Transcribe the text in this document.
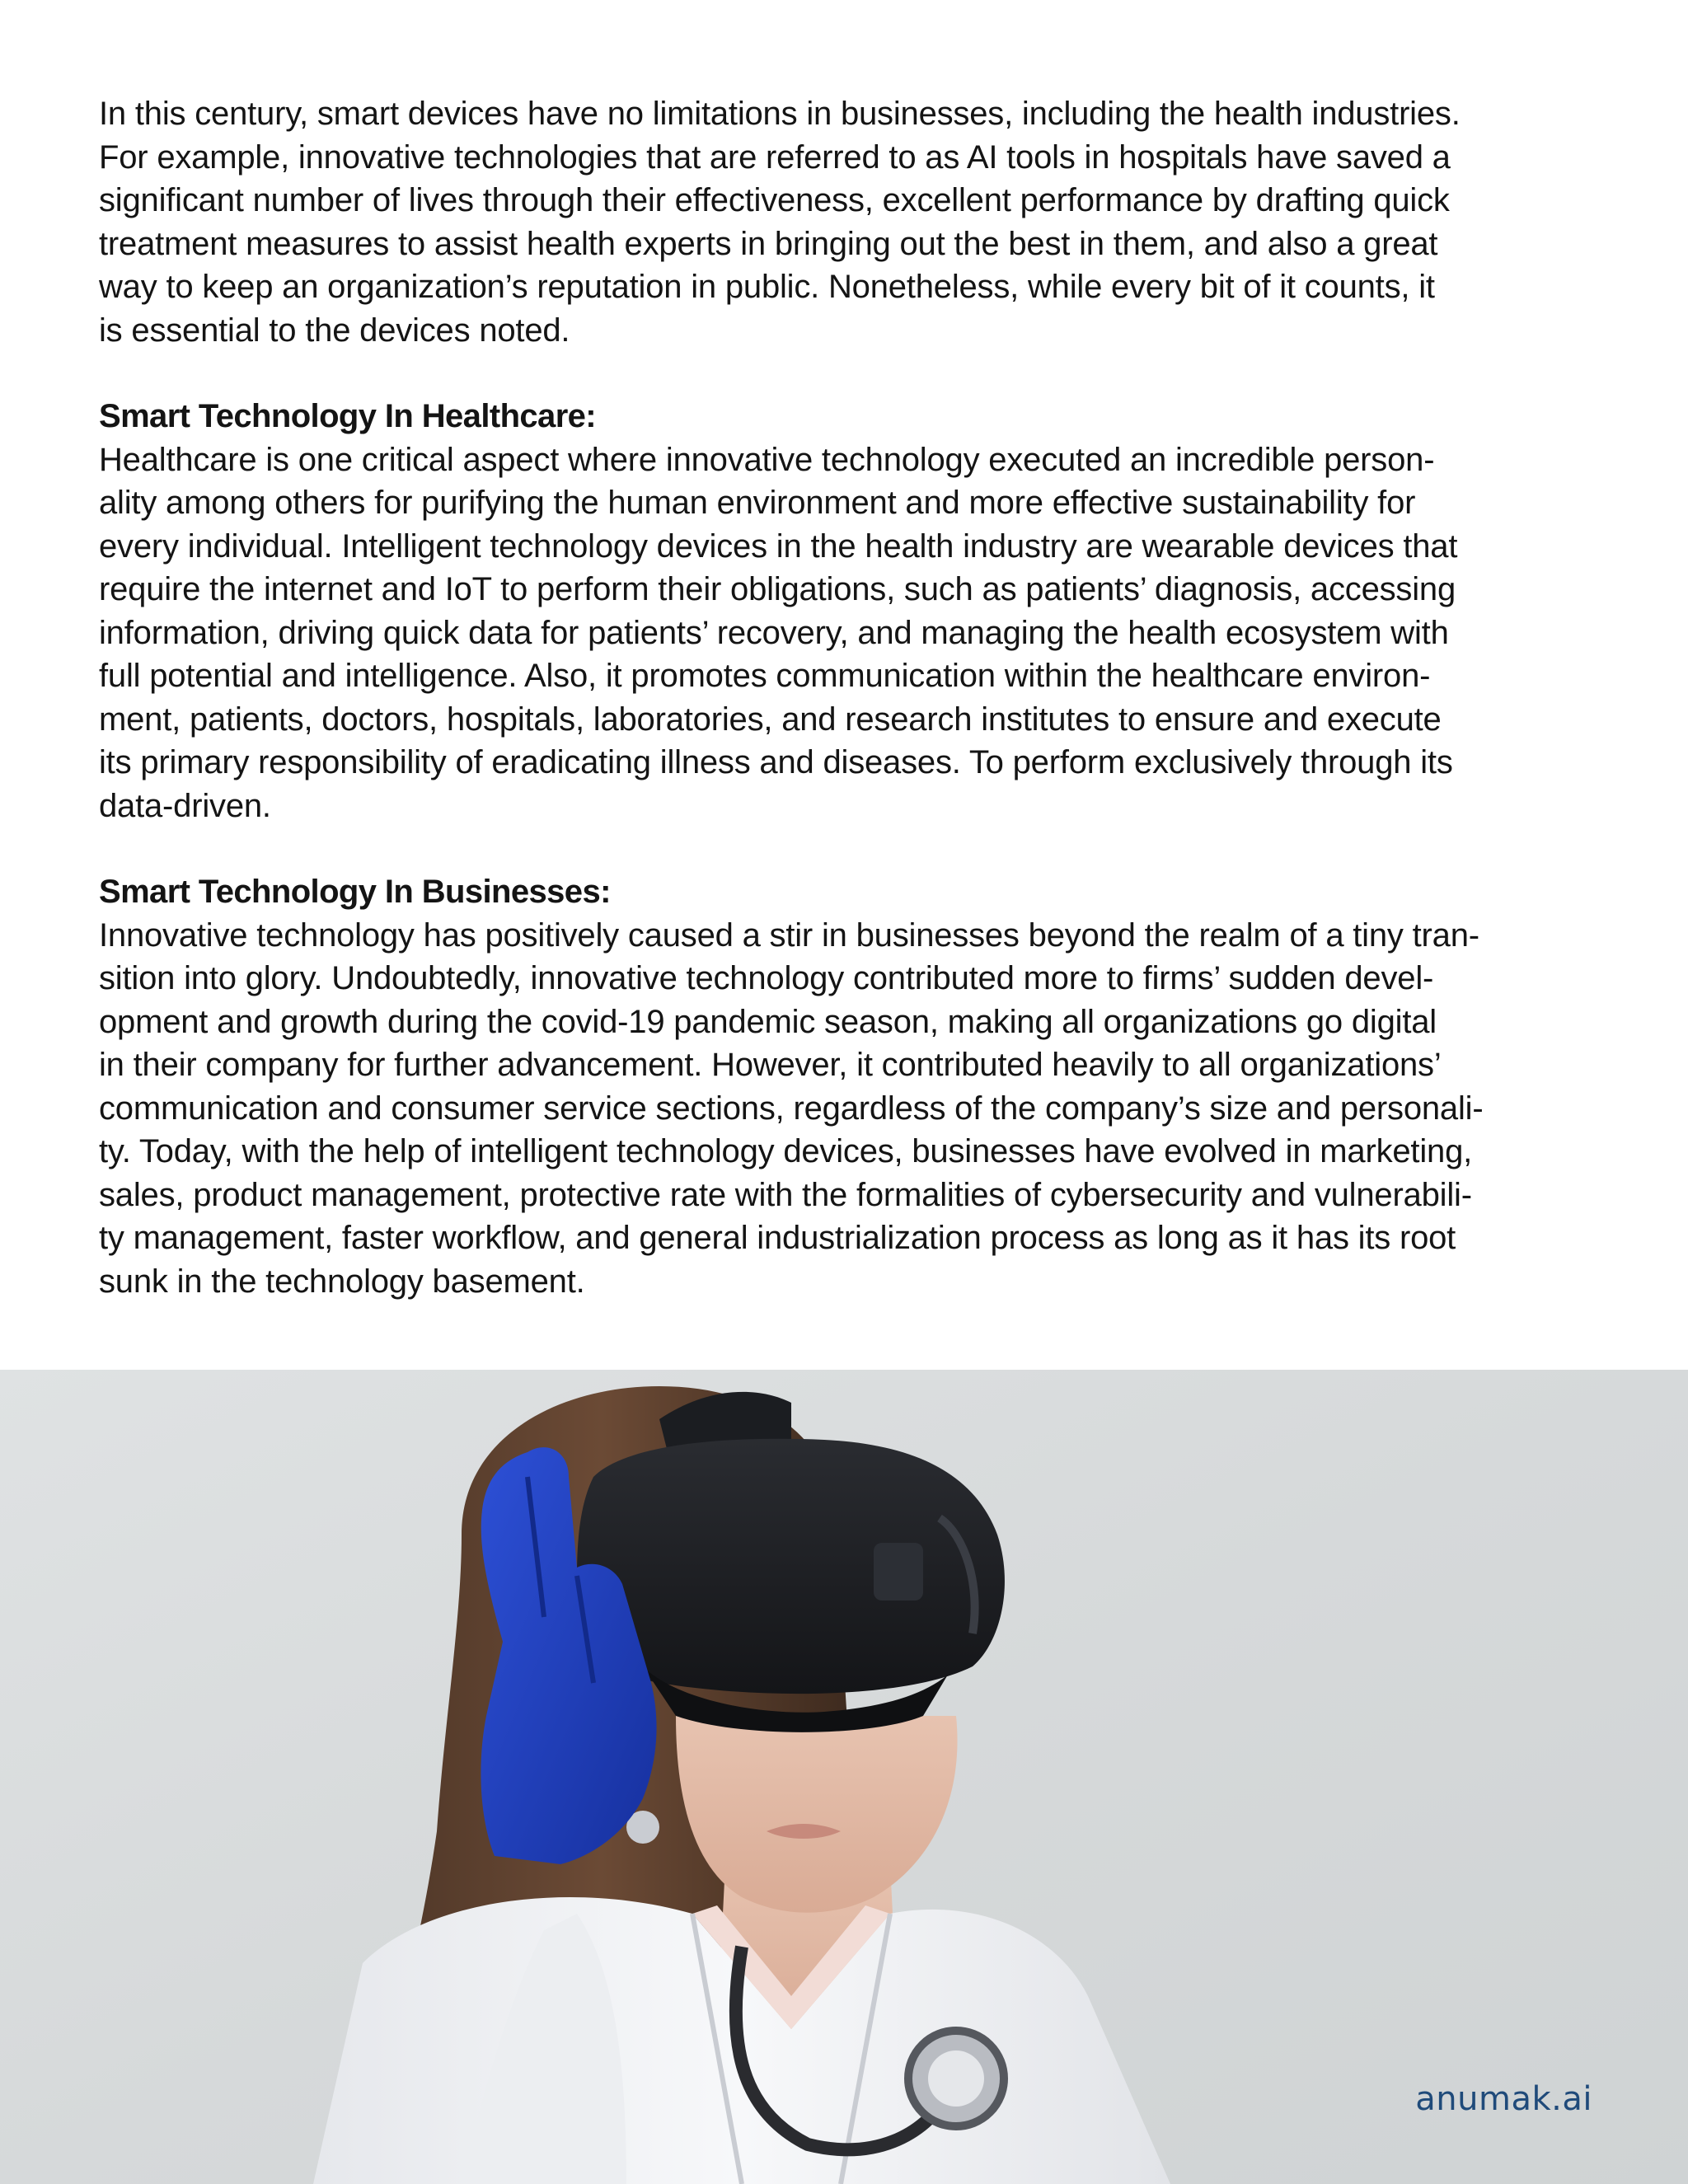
In this century, smart devices have no limitations in businesses, including the health industries.

For example, innovative technologies that are referred to as AI tools in hospitals have saved a

significant number of lives through their effectiveness, excellent performance by drafting quick

treatment measures to assist health experts in bringing out the best in them, and also a great

way to keep an organization’s reputation in public. Nonetheless, while every bit of it counts, it

is essential to the devices noted.

Smart Technology In Healthcare:

Healthcare is one critical aspect where innovative technology executed an incredible person-

ality among others for purifying the human environment and more effective sustainability for

every individual. Intelligent technology devices in the health industry are wearable devices that

require the internet and IoT to perform their obligations, such as patients’ diagnosis, accessing

information, driving quick data for patients’ recovery, and managing the health ecosystem with

full potential and intelligence. Also, it promotes communication within the healthcare environ-

ment, patients, doctors, hospitals, laboratories, and research institutes to ensure and execute

its primary responsibility of eradicating illness and diseases. To perform exclusively through its

data-driven.

Smart Technology In Businesses:

Innovative technology has positively caused a stir in businesses beyond the realm of a tiny tran-

sition into glory. Undoubtedly, innovative technology contributed more to firms’ sudden devel-

opment and growth during the covid-19 pandemic season, making all organizations go digital

in their company for further advancement. However, it contributed heavily to all organizations’

communication and consumer service sections, regardless of the company’s size and personali-

ty. Today, with the help of intelligent technology devices, businesses have evolved in marketing,

sales, product management, protective rate with the formalities of cybersecurity and vulnerabili-

ty management, faster workflow, and general industrialization process as long as it has its root

sunk in the technology basement.

anumak.ai
